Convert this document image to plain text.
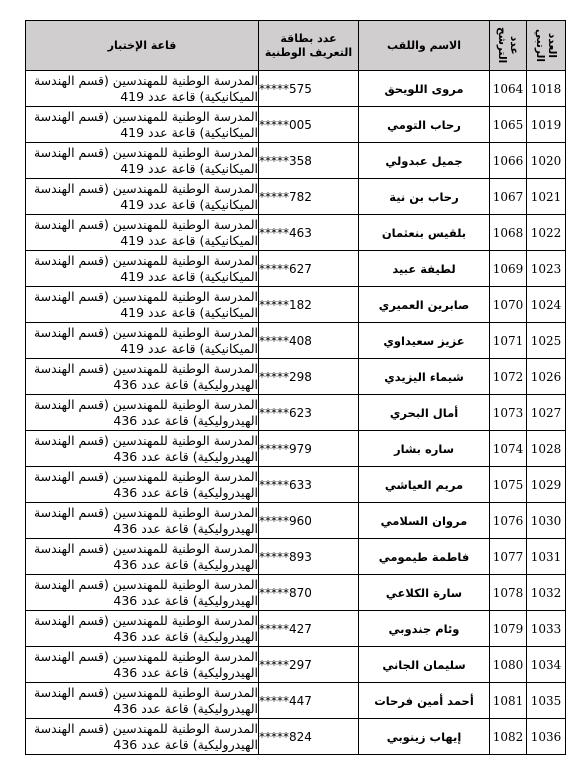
قاعة الإختبار	عدد بطاقة التعريف الوطنية	الاسم واللقب	عدد الترشح	العدد الرتبي

المدرسة الوطنية للمهندسين (قسم الهندسة الميكانيكية) قاعة عدد 419	*****575	مروى اللويحق	1064	1018
المدرسة الوطنية للمهندسين (قسم الهندسة الميكانيكية) قاعة عدد 419	*****005	رحاب التومي	1065	1019
المدرسة الوطنية للمهندسين (قسم الهندسة الميكانيكية) قاعة عدد 419	*****358	جميل عبدولي	1066	1020
المدرسة الوطنية للمهندسين (قسم الهندسة الميكانيكية) قاعة عدد 419	*****782	رحاب بن نية	1067	1021
المدرسة الوطنية للمهندسين (قسم الهندسة الميكانيكية) قاعة عدد 419	*****463	بلقيس بنعثمان	1068	1022
المدرسة الوطنية للمهندسين (قسم الهندسة الميكانيكية) قاعة عدد 419	*****627	لطيفة عبيد	1069	1023
المدرسة الوطنية للمهندسين (قسم الهندسة الميكانيكية) قاعة عدد 419	*****182	صابرين العميري	1070	1024
المدرسة الوطنية للمهندسين (قسم الهندسة الميكانيكية) قاعة عدد 419	*****408	عزيز سعيداوي	1071	1025
المدرسة الوطنية للمهندسين (قسم الهندسة الهيدروليكية) قاعة عدد 436	*****298	شيماء اليزيدي	1072	1026
المدرسة الوطنية للمهندسين (قسم الهندسة الهيدروليكية) قاعة عدد 436	*****623	أمال البحري	1073	1027
المدرسة الوطنية للمهندسين (قسم الهندسة الهيدروليكية) قاعة عدد 436	*****979	ساره بشار	1074	1028
المدرسة الوطنية للمهندسين (قسم الهندسة الهيدروليكية) قاعة عدد 436	*****633	مريم العياشي	1075	1029
المدرسة الوطنية للمهندسين (قسم الهندسة الهيدروليكية) قاعة عدد 436	*****960	مروان السلامي	1076	1030
المدرسة الوطنية للمهندسين (قسم الهندسة الهيدروليكية) قاعة عدد 436	*****893	فاطمة طيمومي	1077	1031
المدرسة الوطنية للمهندسين (قسم الهندسة الهيدروليكية) قاعة عدد 436	*****870	سارة الكلاعي	1078	1032
المدرسة الوطنية للمهندسين (قسم الهندسة الهيدروليكية) قاعة عدد 436	*****427	وئام جندوبي	1079	1033
المدرسة الوطنية للمهندسين (قسم الهندسة الهيدروليكية) قاعة عدد 436	*****297	سليمان الجاني	1080	1034
المدرسة الوطنية للمهندسين (قسم الهندسة الهيدروليكية) قاعة عدد 436	*****447	أحمد أمين فرحات	1081	1035
المدرسة الوطنية للمهندسين (قسم الهندسة الهيدروليكية) قاعة عدد 436	*****824	إيهاب زينوبي	1082	1036
